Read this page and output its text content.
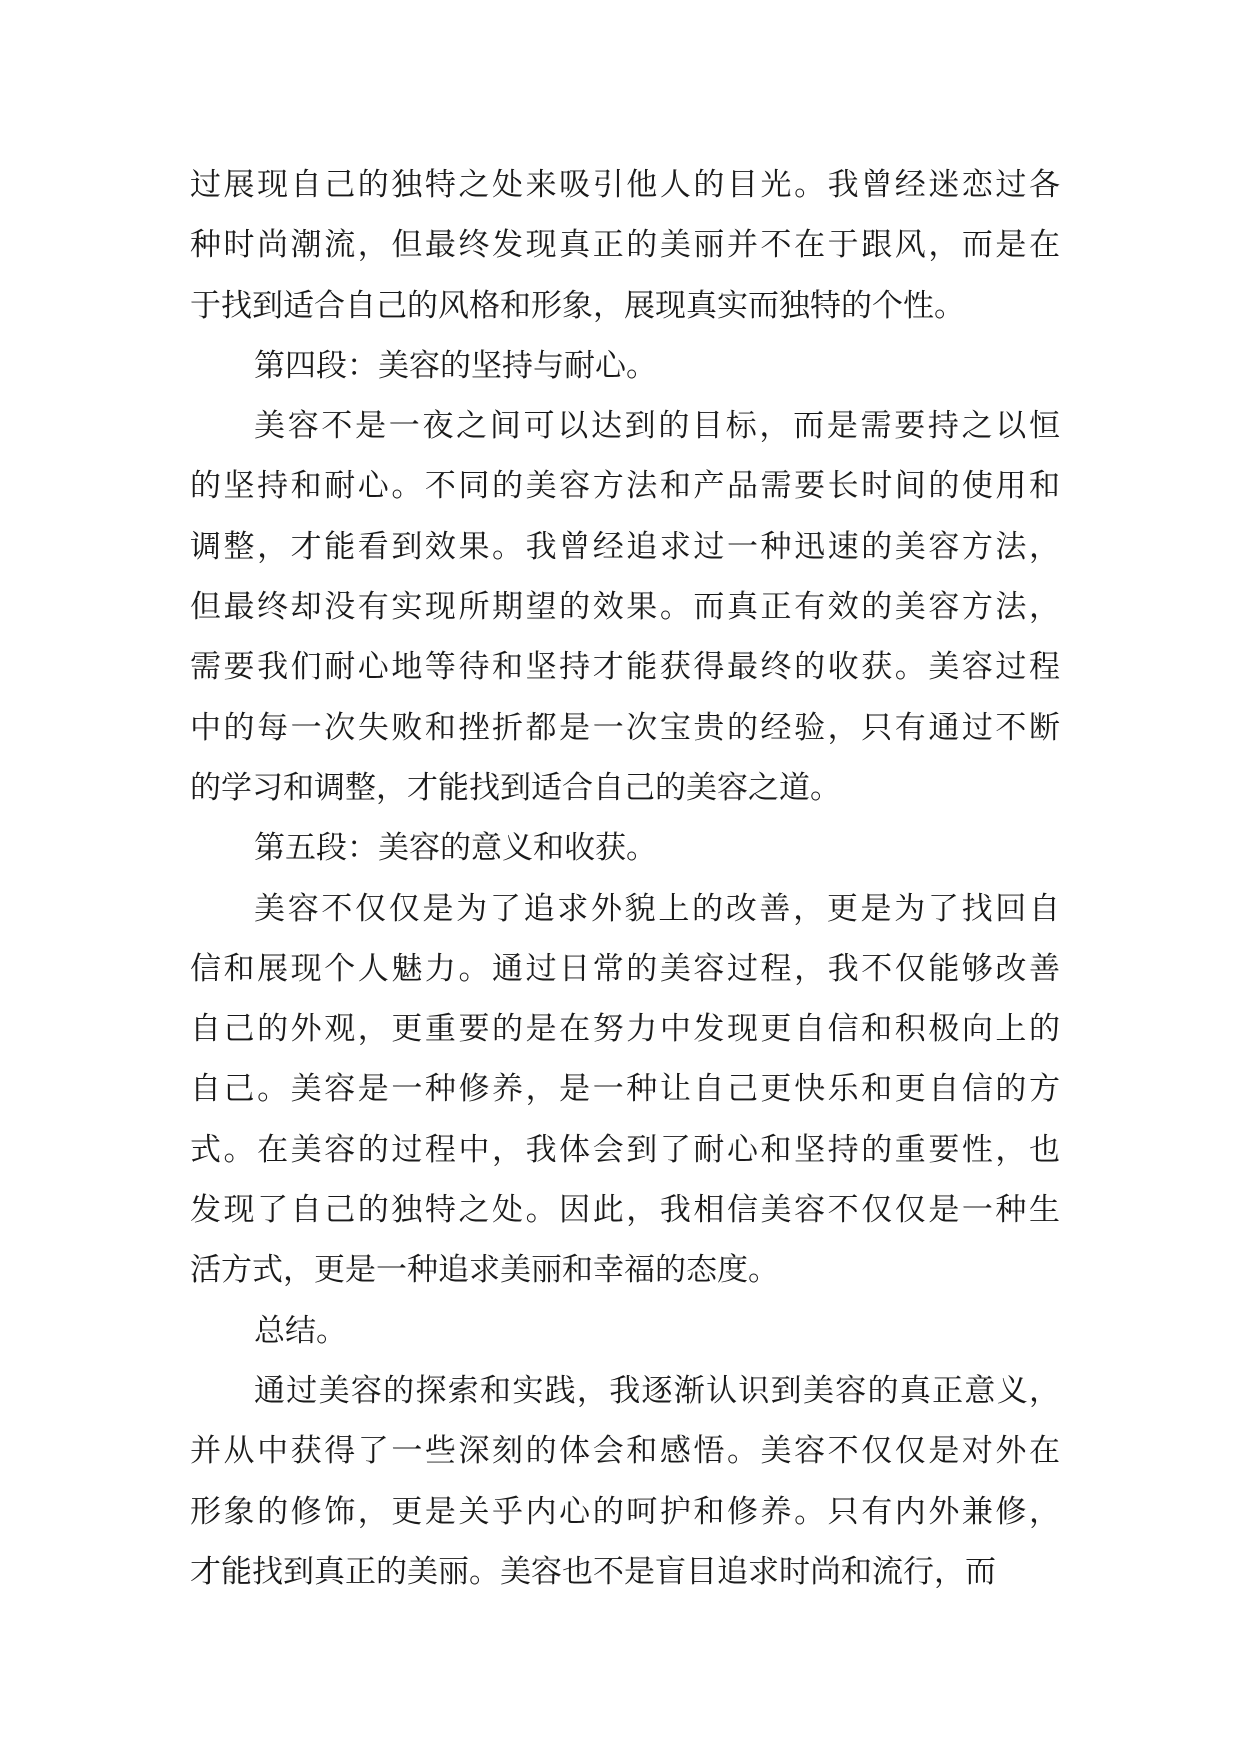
过展现自己的独特之处来吸引他人的目光。我曾经迷恋过各
种时尚潮流，但最终发现真正的美丽并不在于跟风，而是在
于找到适合自己的风格和形象，展现真实而独特的个性。
第四段：美容的坚持与耐心。
美容不是一夜之间可以达到的目标，而是需要持之以恒
的坚持和耐心。不同的美容方法和产品需要长时间的使用和
调整，才能看到效果。我曾经追求过一种迅速的美容方法，
但最终却没有实现所期望的效果。而真正有效的美容方法，
需要我们耐心地等待和坚持才能获得最终的收获。美容过程
中的每一次失败和挫折都是一次宝贵的经验，只有通过不断
的学习和调整，才能找到适合自己的美容之道。
第五段：美容的意义和收获。
美容不仅仅是为了追求外貌上的改善，更是为了找回自
信和展现个人魅力。通过日常的美容过程，我不仅能够改善
自己的外观，更重要的是在努力中发现更自信和积极向上的
自己。美容是一种修养，是一种让自己更快乐和更自信的方
式。在美容的过程中，我体会到了耐心和坚持的重要性，也
发现了自己的独特之处。因此，我相信美容不仅仅是一种生
活方式，更是一种追求美丽和幸福的态度。
总结。
通过美容的探索和实践，我逐渐认识到美容的真正意义，
并从中获得了一些深刻的体会和感悟。美容不仅仅是对外在
形象的修饰，更是关乎内心的呵护和修养。只有内外兼修，
才能找到真正的美丽。美容也不是盲目追求时尚和流行，而
